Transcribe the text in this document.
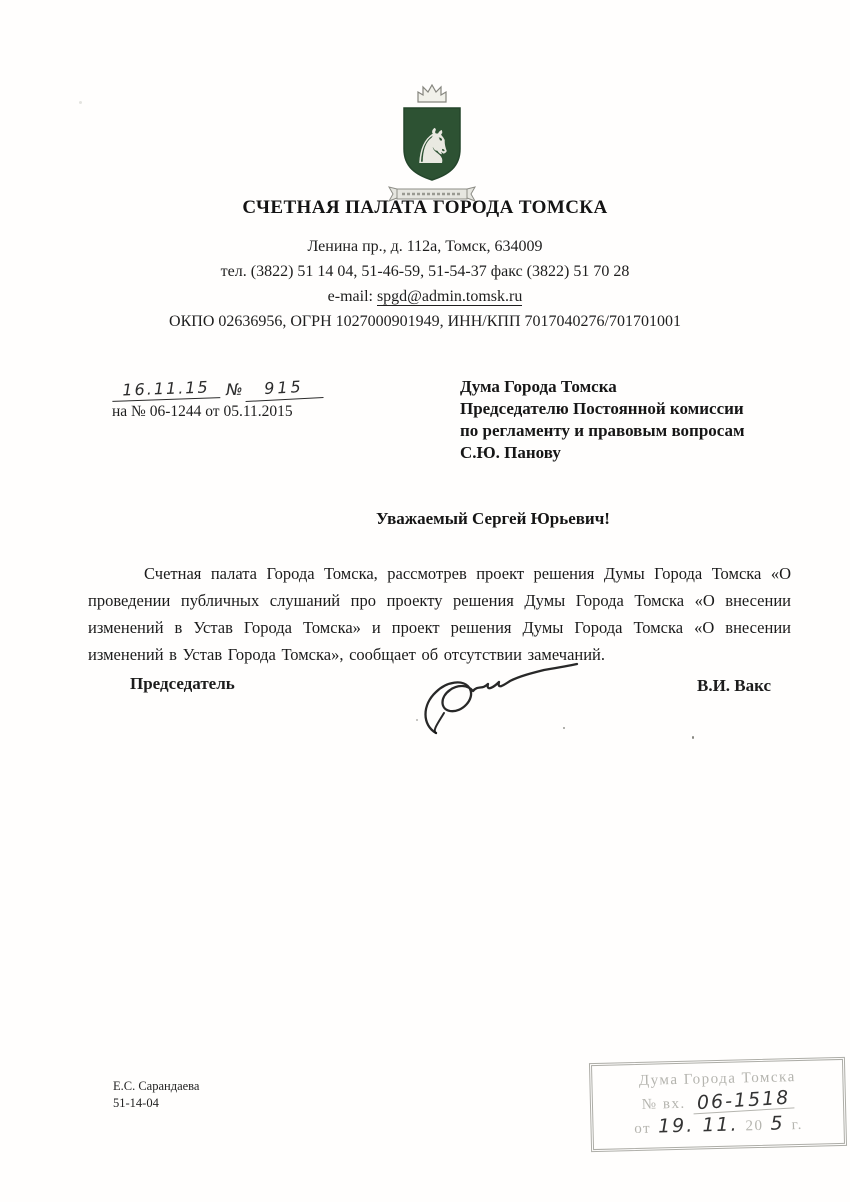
♞
СЧЕТНАЯ ПАЛАТА ГОРОДА ТОМСКА
Ленина пр., д. 112а, Томск, 634009
тел. (3822) 51 14 04, 51-46-59, 51-54-37 факс (3822) 51 70 28
e-mail: spgd@admin.tomsk.ru
ОКПО 02636956, ОГРН 1027000901949, ИНН/КПП 7017040276/701701001
16.11.15 №	915
на № 06-1244 от 05.11.2015
Дума Города Томска
Председателю Постоянной комиссии
по регламенту и правовым вопросам
С.Ю. Панову
Уважаемый Сергей Юрьевич!

Счетная палата Города Томска, рассмотрев проект решения Думы Города Томска «О проведении публичных слушаний про проекту решения Думы Города Томска «О внесении изменений в Устав Города Томска» и проект решения Думы Города Томска «О внесении изменений в Устав Города Томска», сообщает об отсутствии замечаний.

Председатель	В.И. Вакс
Е.С. Сарандаева
51-14-04
Дума Города Томска
№ вх. 06-1518
от 19. 11. 20 5 г.
